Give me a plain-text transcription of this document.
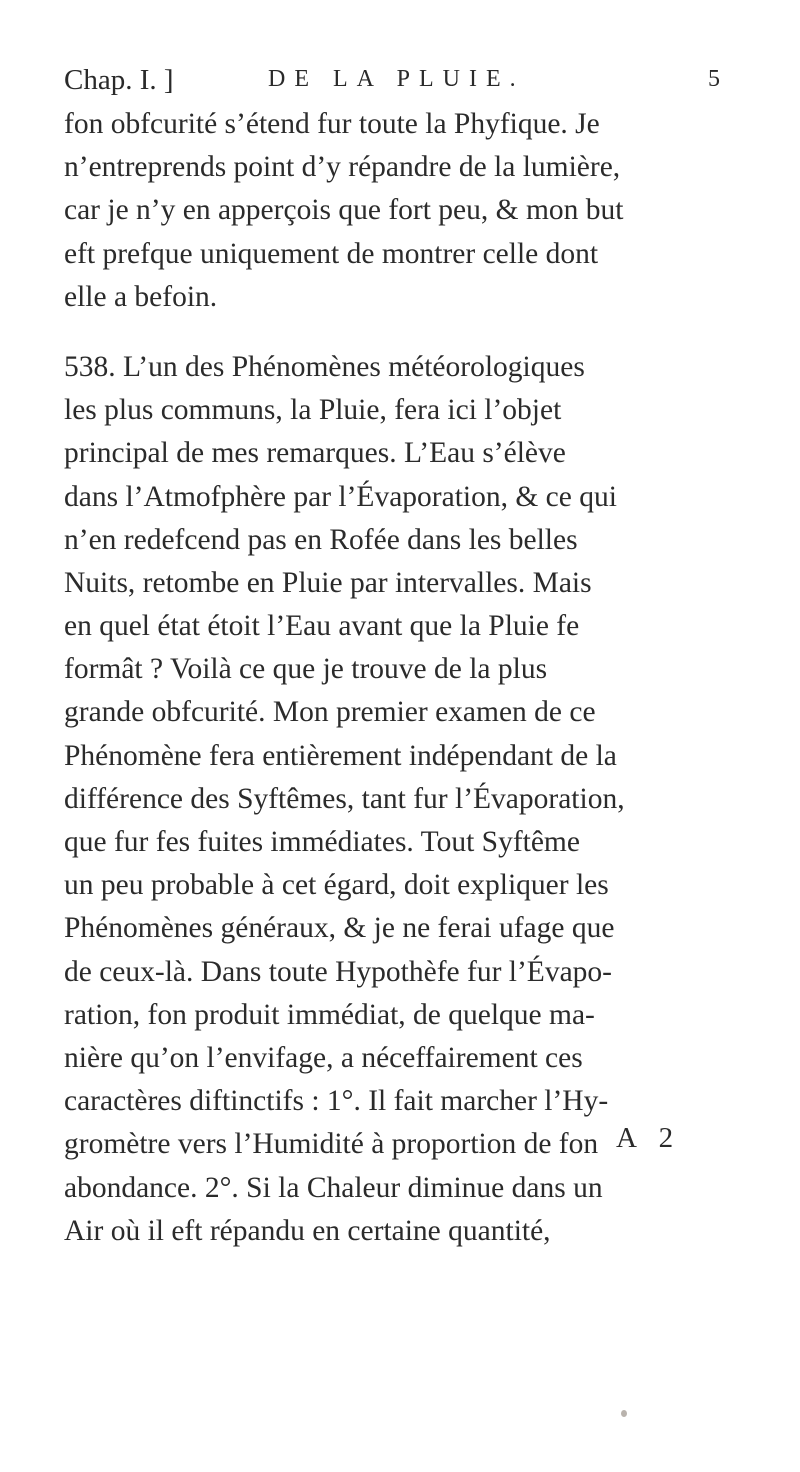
Chap. I. ]	DE LA PLUIE.	5
fon obfcurité s’étend fur toute la Phyfique. Je
n’entreprends point d’y répandre de la lumière,
car je n’y en apperçois que fort peu, & mon but
eft prefque uniquement de montrer celle dont
elle a befoin.
538. L’un des Phénomènes météorologiques
les plus communs, la Pluie, fera ici l’objet
principal de mes remarques. L’Eau s’élève
dans l’Atmofphère par l’Évaporation, & ce qui
n’en redefcend pas en Rofée dans les belles
Nuits, retombe en Pluie par intervalles. Mais
en quel état étoit l’Eau avant que la Pluie fe
formât ? Voilà ce que je trouve de la plus
grande obfcurité. Mon premier examen de ce
Phénomène fera entièrement indépendant de la
différence des Syftêmes, tant fur l’Évaporation,
que fur fes fuites immédiates. Tout Syftême
un peu probable à cet égard, doit expliquer les
Phénomènes généraux, & je ne ferai ufage que
de ceux-là. Dans toute Hypothèfe fur l’Évapo-
ration, fon produit immédiat, de quelque ma-
nière qu’on l’envifage, a néceffairement ces
caractères diftinctifs : 1°. Il fait marcher l’Hy-
gromètre vers l’Humidité à proportion de fon
abondance. 2°. Si la Chaleur diminue dans un
Air où il eft répandu en certaine quantité,
A 2
